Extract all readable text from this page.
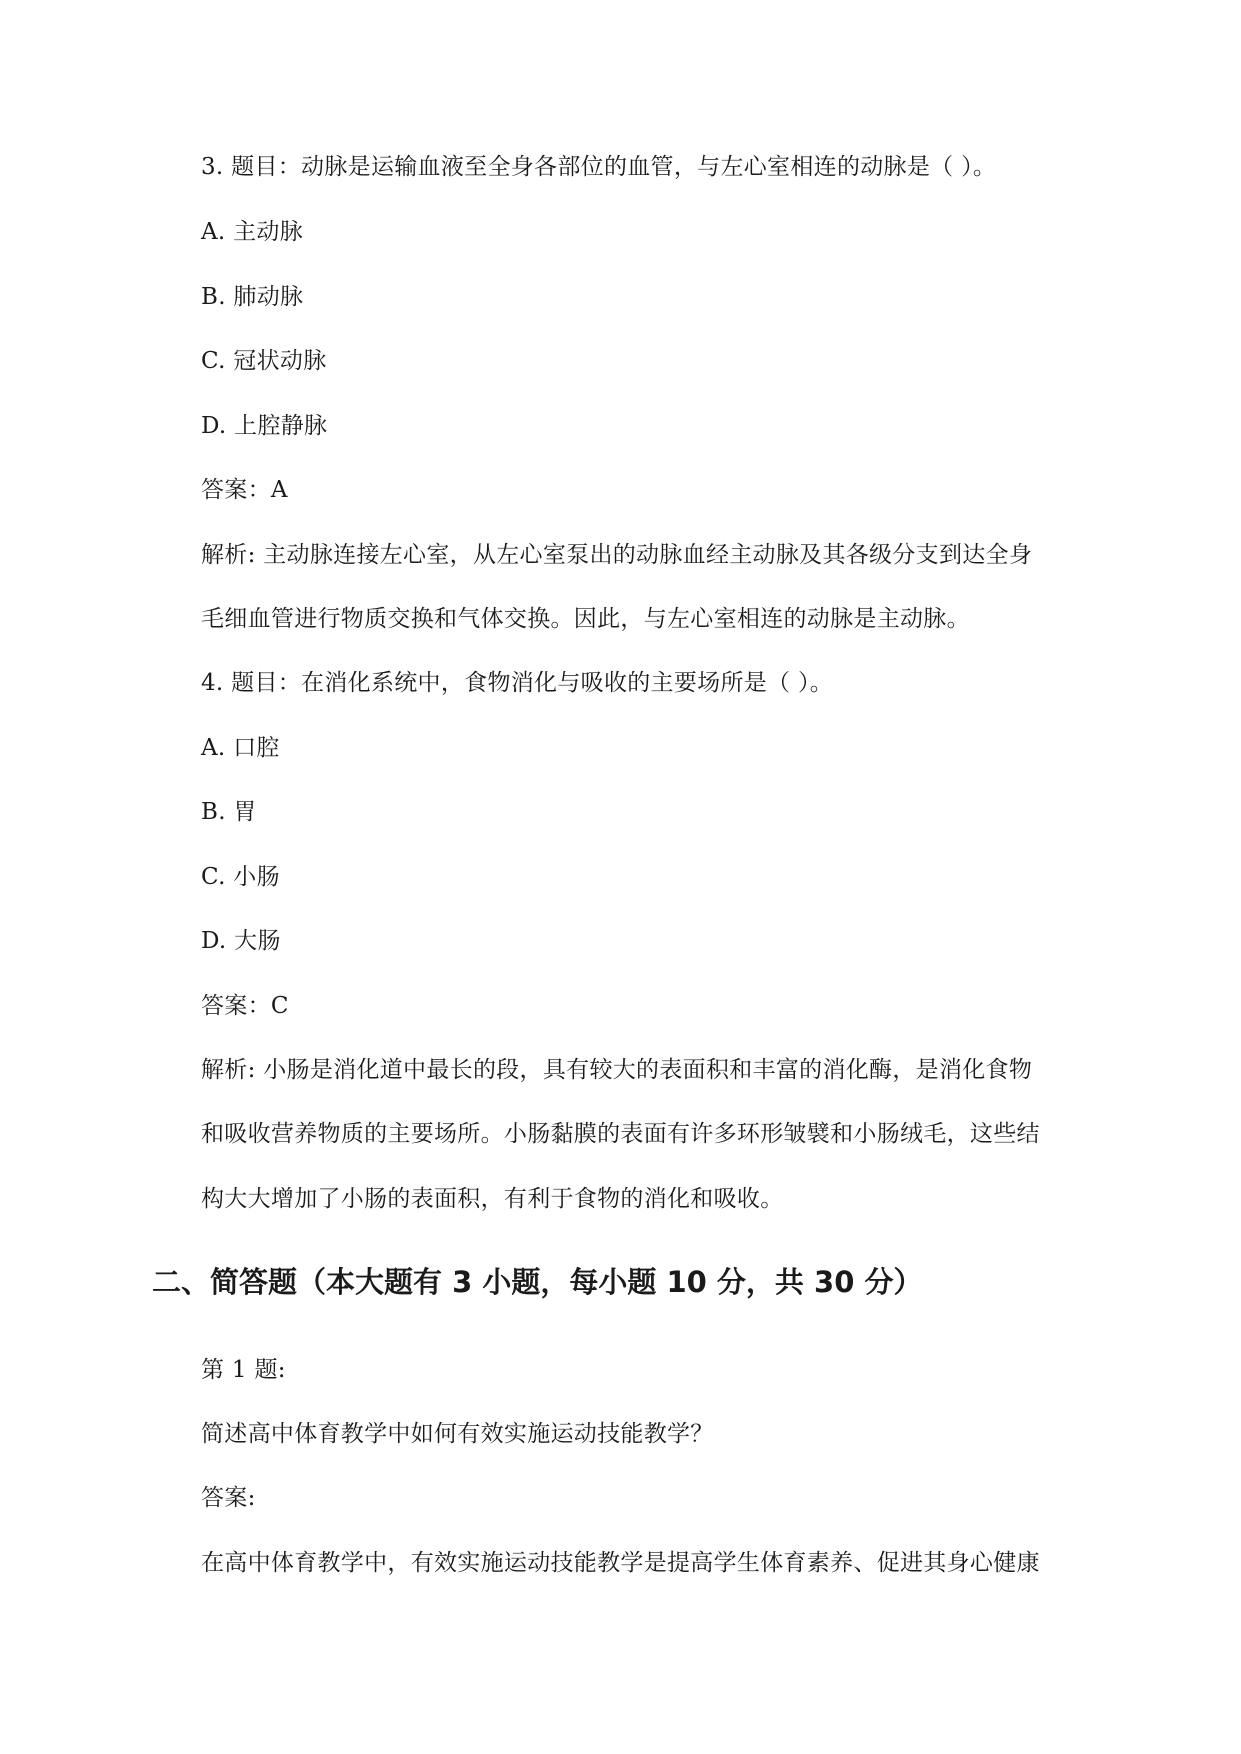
3. 题目：动脉是运输血液至全身各部位的血管，与左心室相连的动脉是（ ）。
A. 主动脉
B. 肺动脉
C. 冠状动脉
D. 上腔静脉
答案：A
解析: 主动脉连接左心室，从左心室泵出的动脉血经主动脉及其各级分支到达全身
毛细血管进行物质交换和气体交换。因此，与左心室相连的动脉是主动脉。
4. 题目：在消化系统中，食物消化与吸收的主要场所是（ ）。
A. 口腔
B. 胃
C. 小肠
D. 大肠
答案：C
解析: 小肠是消化道中最长的段，具有较大的表面积和丰富的消化酶，是消化食物
和吸收营养物质的主要场所。小肠黏膜的表面有许多环形皱襞和小肠绒毛，这些结
构大大增加了小肠的表面积，有利于食物的消化和吸收。
二、简答题（本大题有 3 小题，每小题 10 分，共 30 分）
第 1 题:
简述高中体育教学中如何有效实施运动技能教学？
答案:
在高中体育教学中，有效实施运动技能教学是提高学生体育素养、促进其身心健康
